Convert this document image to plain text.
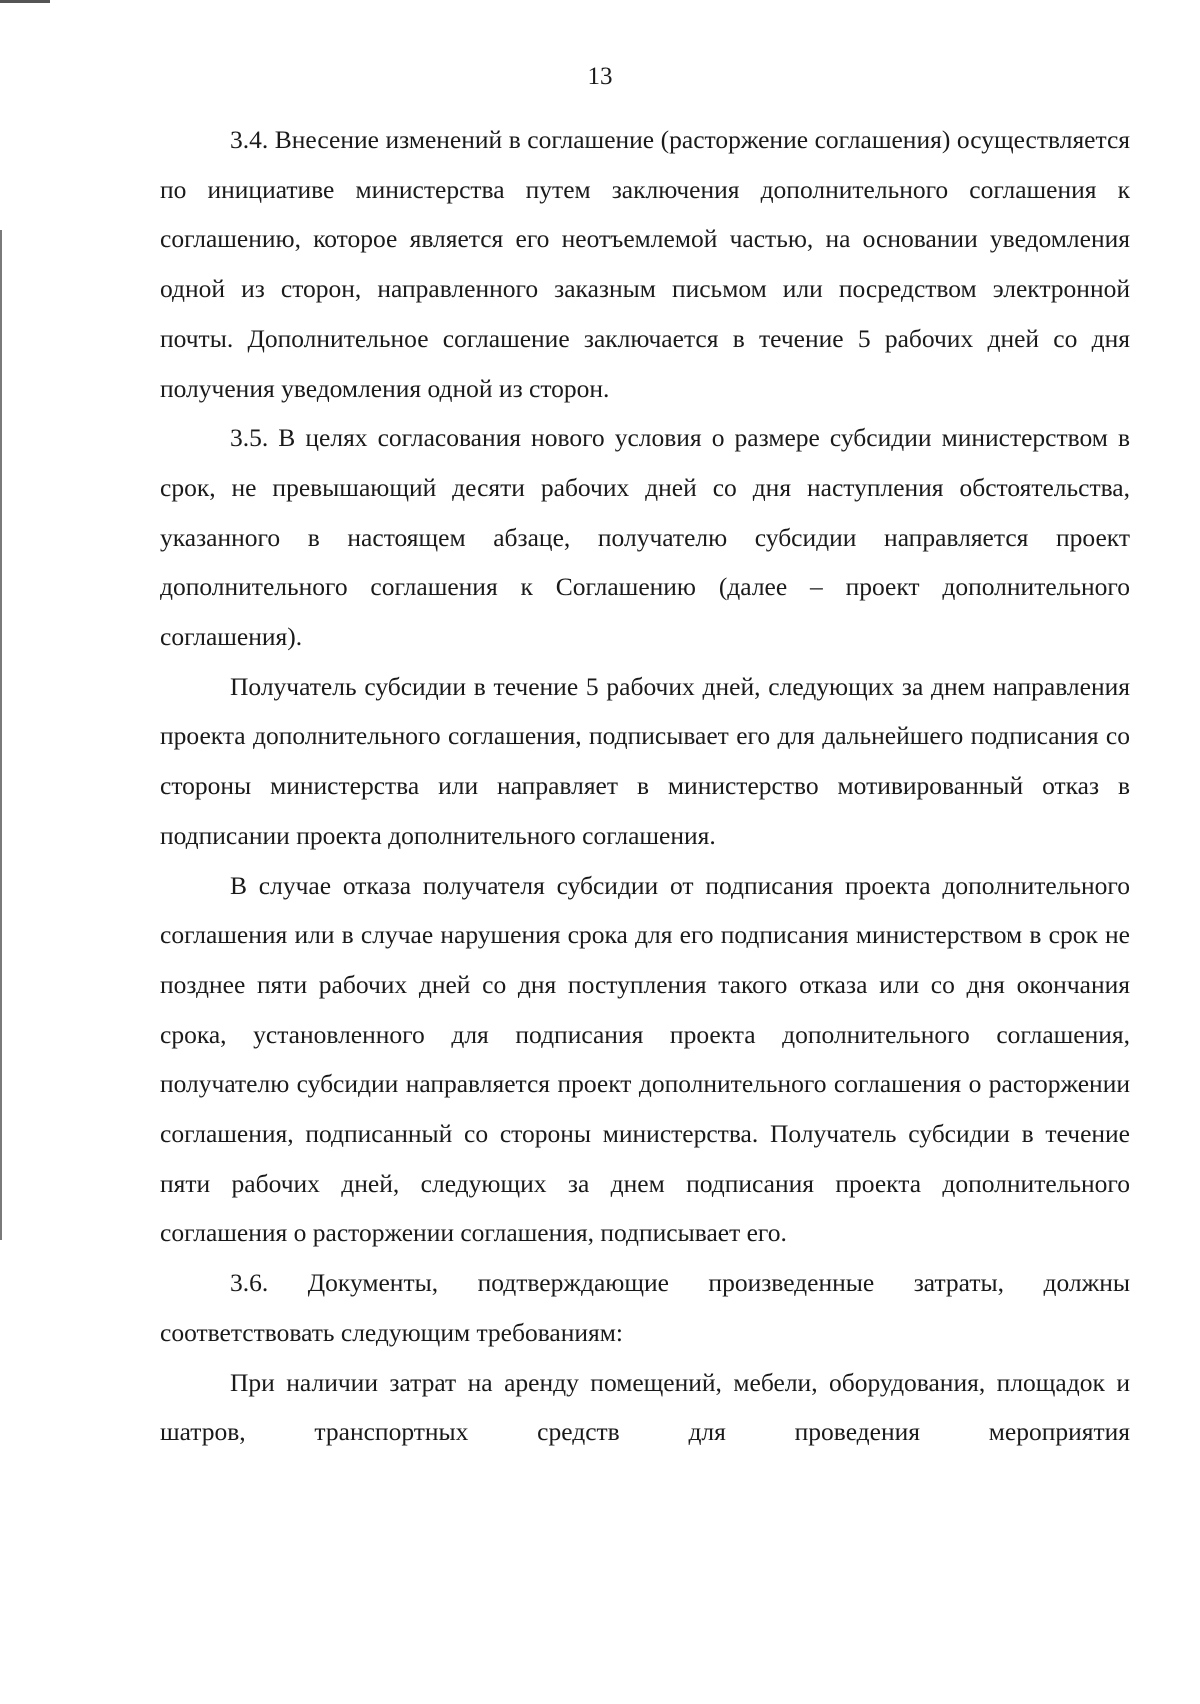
13

3.4. Внесение изменений в соглашение (расторжение соглашения) осуществляется по инициативе министерства путем заключения дополнительного соглашения к соглашению, которое является его неотъемлемой частью, на основании уведомления одной из сторон, направленного заказным письмом или посредством электронной почты. Дополнительное соглашение заключается в течение 5 рабочих дней со дня получения уведомления одной из сторон.

3.5. В целях согласования нового условия о размере субсидии министерством в срок, не превышающий десяти рабочих дней со дня наступления обстоятельства, указанного в настоящем абзаце, получателю субсидии направляется проект дополнительного соглашения к Соглашению (далее – проект дополнительного соглашения).

Получатель субсидии в течение 5 рабочих дней, следующих за днем направления проекта дополнительного соглашения, подписывает его для дальнейшего подписания со стороны министерства или направляет в министерство мотивированный отказ в подписании проекта дополнительного соглашения.

В случае отказа получателя субсидии от подписания проекта дополнительного соглашения или в случае нарушения срока для его подписания министерством в срок не позднее пяти рабочих дней со дня поступления такого отказа или со дня окончания срока, установленного для подписания проекта дополнительного соглашения, получателю субсидии направляется проект дополнительного соглашения о расторжении соглашения, подписанный со стороны министерства. Получатель субсидии в течение пяти рабочих дней, следующих за днем подписания проекта дополнительного соглашения о расторжении соглашения, подписывает его.

3.6. Документы, подтверждающие произведенные затраты, должны соответствовать следующим требованиям:

При наличии затрат на аренду помещений, мебели, оборудования, площадок и шатров, транспортных средств для проведения мероприятия
